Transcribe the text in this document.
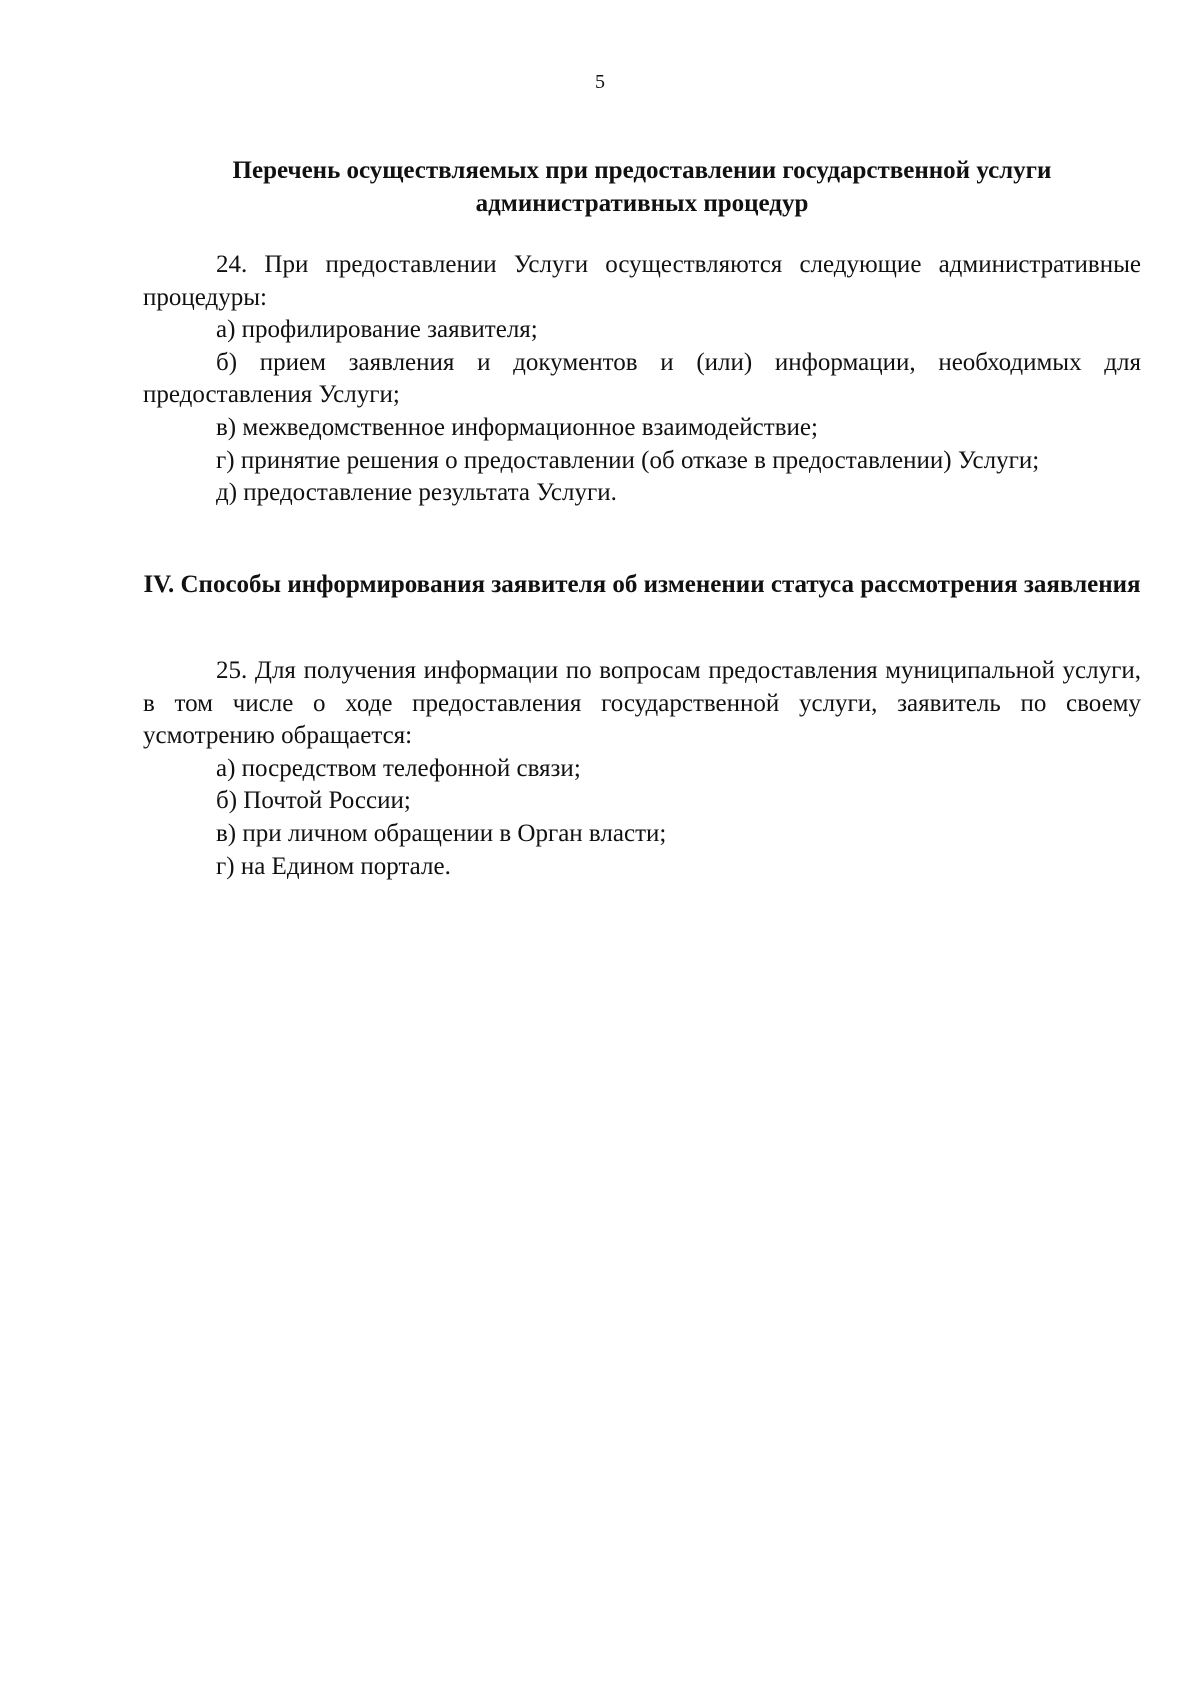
5
Перечень осуществляемых при предоставлении государственной услуги административных процедур

24. При предоставлении Услуги осуществляются следующие административные процедуры:

а) профилирование заявителя;

б) прием заявления и документов и (или) информации, необходимых для предоставления Услуги;

в) межведомственное информационное взаимодействие;

г) принятие решения о предоставлении (об отказе в предоставлении) Услуги;

д) предоставление результата Услуги.

IV. Способы информирования заявителя об изменении статуса рассмотрения заявления

25. Для получения информации по вопросам предоставления муниципальной услуги, в том числе о ходе предоставления государственной услуги, заявитель по своему усмотрению обращается:

а) посредством телефонной связи;

б) Почтой России;

в) при личном обращении в Орган власти;

г) на Едином портале.
